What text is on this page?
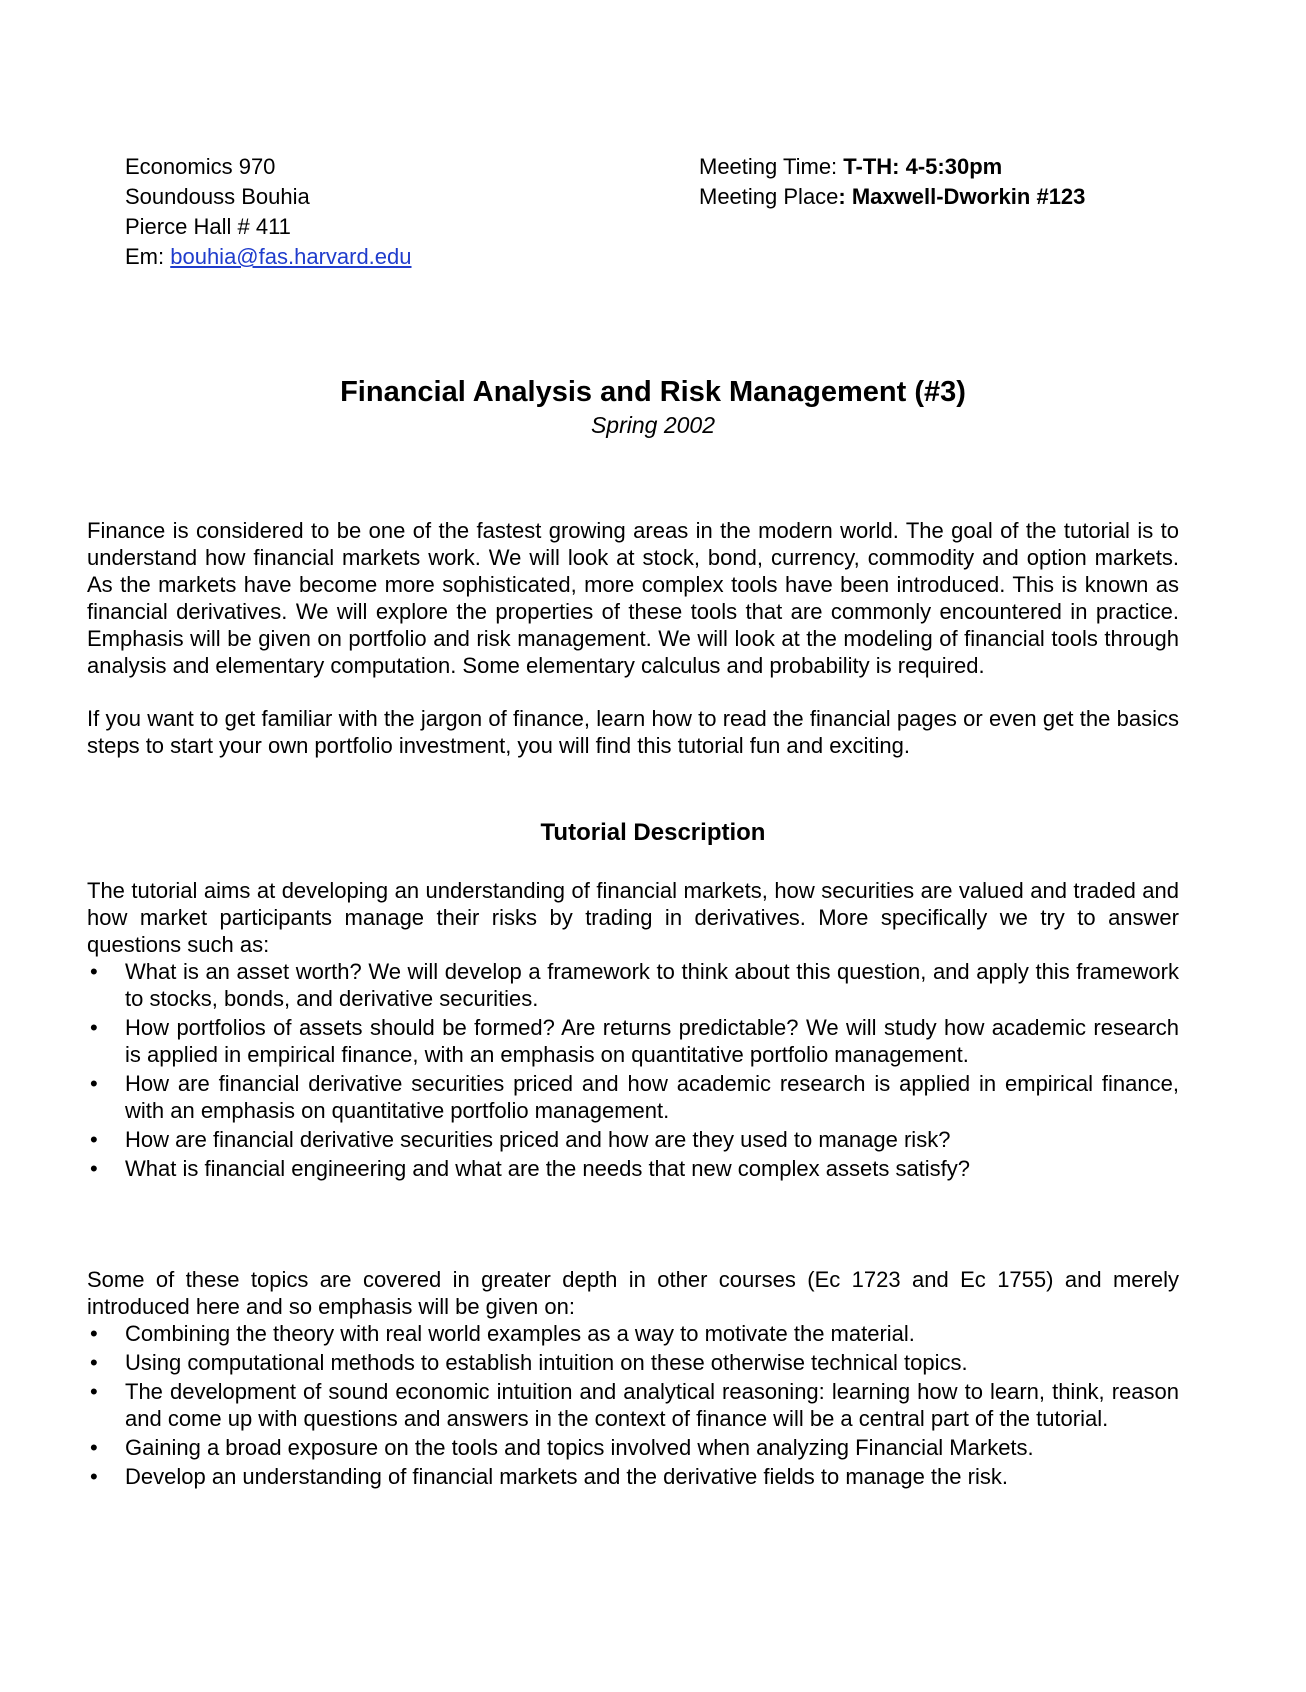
Economics 970
Soundouss Bouhia
Pierce Hall # 411
Em: bouhia@fas.harvard.edu
Meeting Time: T-TH: 4-5:30pm
Meeting Place: Maxwell-Dworkin #123
Financial Analysis and Risk Management (#3)
Spring 2002

Finance is considered to be one of the fastest growing areas in the modern world. The goal of the tutorial is to understand how financial markets work. We will look at stock, bond, currency, commodity and option markets. As the markets have become more sophisticated, more complex tools have been introduced. This is known as financial derivatives. We will explore the properties of these tools that are commonly encountered in practice. Emphasis will be given on portfolio and risk management. We will look at the modeling of financial tools through analysis and elementary computation. Some elementary calculus and probability is required.

If you want to get familiar with the jargon of finance, learn how to read the financial pages or even get the basics steps to start your own portfolio investment, you will find this tutorial fun and exciting.

Tutorial Description

The tutorial aims at developing an understanding of financial markets, how securities are valued and traded and how market participants manage their risks by trading in derivatives. More specifically we try to answer questions such as:

• What is an asset worth? We will develop a framework to think about this question, and apply this framework to stocks, bonds, and derivative securities.
• How portfolios of assets should be formed? Are returns predictable? We will study how academic research is applied in empirical finance, with an emphasis on quantitative portfolio management.
• How are financial derivative securities priced and how academic research is applied in empirical finance, with an emphasis on quantitative portfolio management.
• How are financial derivative securities priced and how are they used to manage risk?
• What is financial engineering and what are the needs that new complex assets satisfy?

Some of these topics are covered in greater depth in other courses (Ec 1723 and Ec 1755) and merely introduced here and so emphasis will be given on:

• Combining the theory with real world examples as a way to motivate the material.
• Using computational methods to establish intuition on these otherwise technical topics.
• The development of sound economic intuition and analytical reasoning: learning how to learn, think, reason and come up with questions and answers in the context of finance will be a central part of the tutorial.
• Gaining a broad exposure on the tools and topics involved when analyzing Financial Markets.
• Develop an understanding of financial markets and the derivative fields to manage the risk.
